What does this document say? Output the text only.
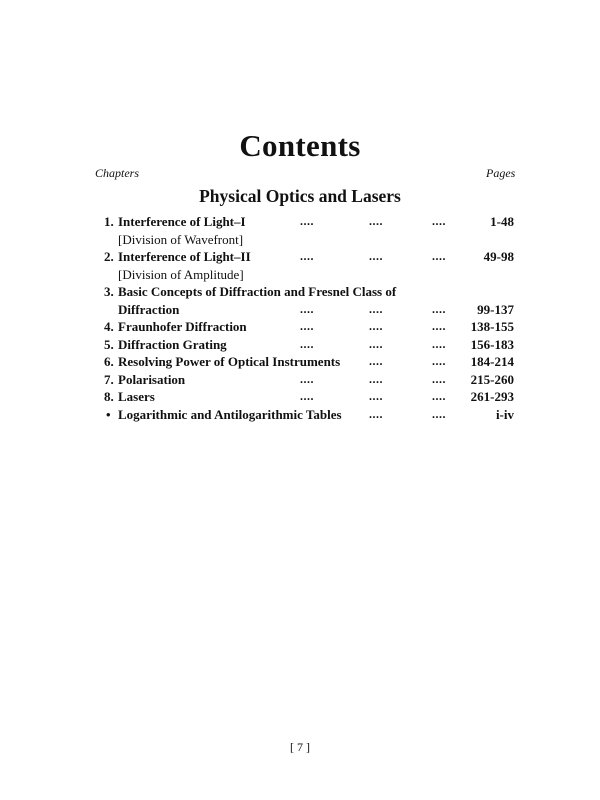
Contents
Chapters	Pages
Physical Optics and Lasers
1. Interference of Light–I	....	....	....	1-48
[Division of Wavefront]
2. Interference of Light–II	....	....	....	49-98
[Division of Amplitude]
3. Basic Concepts of Diffraction and Fresnel Class of
Diffraction	....	....	.... 99-137
4. Fraunhofer Diffraction	....	....	.... 138-155
5. Diffraction Grating	....	....	.... 156-183
6. Resolving Power of Optical Instruments ....	.... 184-214
7. Polarisation	....	....	.... 215-260
8. Lasers	....	....	.... 261-293
• Logarithmic and Antilogarithmic Tables ....	....	i-iv
[ 7 ]
